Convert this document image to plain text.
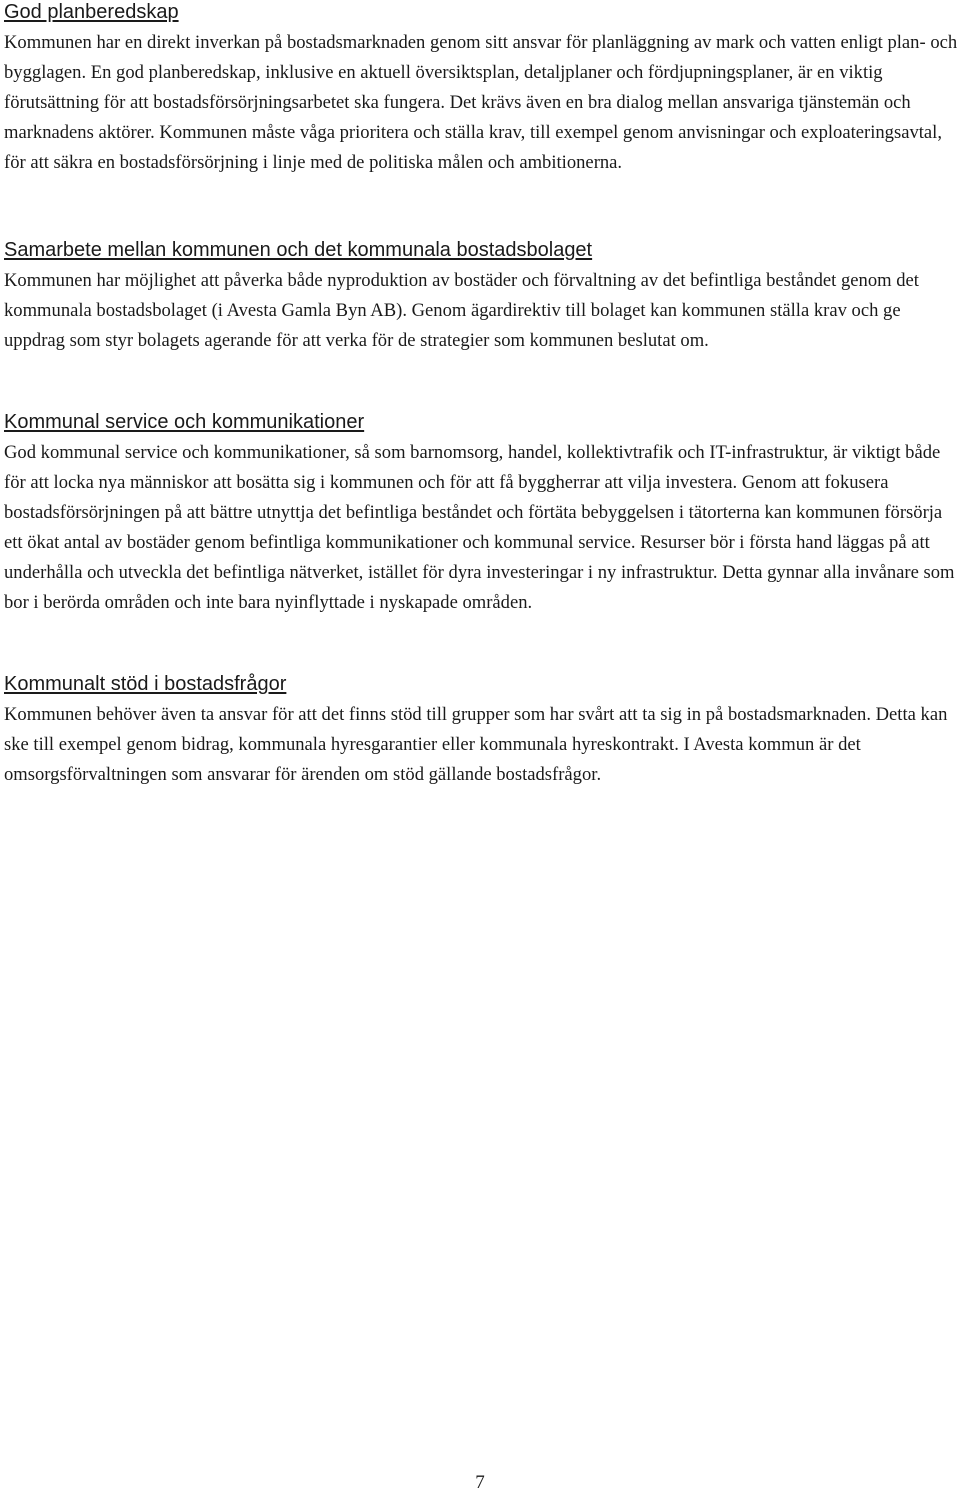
God planberedskap

Kommunen har en direkt inverkan på bostadsmarknaden genom sitt ansvar för planläggning av mark och vatten enligt plan- och bygglagen. En god planberedskap, inklusive en aktuell översiktsplan, detaljplaner och fördjupningsplaner, är en viktig förutsättning för att bostadsförsörjningsarbetet ska fungera. Det krävs även en bra dialog mellan ansvariga tjänstemän och marknadens aktörer. Kommunen måste våga prioritera och ställa krav, till exempel genom anvisningar och exploateringsavtal, för att säkra en bostadsförsörjning i linje med de politiska målen och ambitionerna.

Samarbete mellan kommunen och det kommunala bostadsbolaget

Kommunen har möjlighet att påverka både nyproduktion av bostäder och förvaltning av det befintliga beståndet genom det kommunala bostadsbolaget (i Avesta Gamla Byn AB). Genom ägardirektiv till bolaget kan kommunen ställa krav och ge uppdrag som styr bolagets agerande för att verka för de strategier som kommunen beslutat om.

Kommunal service och kommunikationer

God kommunal service och kommunikationer, så som barnomsorg, handel, kollektivtrafik och IT-infrastruktur, är viktigt både för att locka nya människor att bosätta sig i kommunen och för att få byggherrar att vilja investera. Genom att fokusera bostadsförsörjningen på att bättre utnyttja det befintliga beståndet och förtäta bebyggelsen i tätorterna kan kommunen försörja ett ökat antal av bostäder genom befintliga kommunikationer och kommunal service. Resurser bör i första hand läggas på att underhålla och utveckla det befintliga nätverket, istället för dyra investeringar i ny infrastruktur. Detta gynnar alla invånare som bor i berörda områden och inte bara nyinflyttade i nyskapade områden.

Kommunalt stöd i bostadsfrågor

Kommunen behöver även ta ansvar för att det finns stöd till grupper som har svårt att ta sig in på bostadsmarknaden. Detta kan ske till exempel genom bidrag, kommunala hyresgarantier eller kommunala hyreskontrakt. I Avesta kommun är det omsorgsförvaltningen som ansvarar för ärenden om stöd gällande bostadsfrågor.

7
